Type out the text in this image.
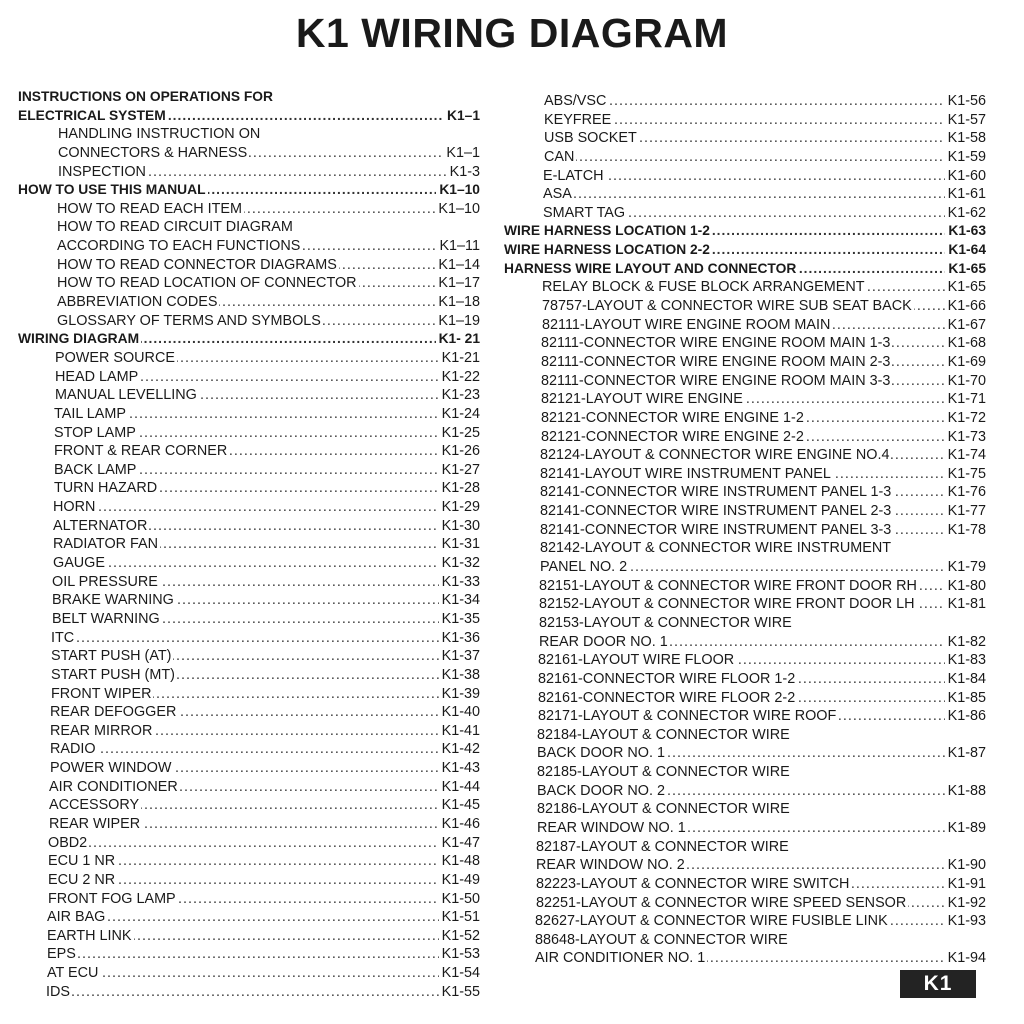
K1 WIRING DIAGRAM
INSTRUCTIONS ON OPERATIONS FOR
..... ELECTRICAL SYSTEM	K1–1
HANDLING INSTRUCTION ON
..... CONNECTORS & HARNESS	K1–1
..... INSPECTION	K1-3
..... HOW TO USE THIS MANUAL	K1–10
..... HOW TO READ EACH ITEM	K1–10
HOW TO READ CIRCUIT DIAGRAM
..... ACCORDING TO EACH FUNCTIONS	K1–11
..... HOW TO READ CONNECTOR DIAGRAMS	K1–14
..... HOW TO READ LOCATION OF CONNECTOR	K1–17
..... ABBREVIATION CODES	K1–18
..... GLOSSARY OF TERMS AND SYMBOLS	K1–19
..... WIRING DIAGRAM	K1- 21
..... POWER SOURCE	K1-21
..... HEAD LAMP	K1-22
..... MANUAL LEVELLING	K1-23
..... TAIL LAMP	K1-24
..... STOP LAMP	K1-25
..... FRONT & REAR CORNER	K1-26
..... BACK LAMP	K1-27
..... TURN HAZARD	K1-28
..... HORN	K1-29
..... ALTERNATOR	K1-30
..... RADIATOR FAN	K1-31
..... GAUGE	K1-32
..... OIL PRESSURE	K1-33
..... BRAKE WARNING	K1-34
..... BELT WARNING	K1-35
..... ITC	K1-36
..... START PUSH (AT)	K1-37
..... START PUSH (MT)	K1-38
..... FRONT WIPER	K1-39
..... REAR DEFOGGER	K1-40
..... REAR MIRROR	K1-41
..... RADIO	K1-42
..... POWER WINDOW	K1-43
..... AIR CONDITIONER	K1-44
..... ACCESSORY	K1-45
..... REAR WIPER	K1-46
..... OBD2	K1-47
..... ECU 1 NR	K1-48
..... ECU 2 NR	K1-49
..... FRONT FOG LAMP	K1-50
..... AIR BAG	K1-51
..... EARTH LINK	K1-52
..... EPS	K1-53
..... AT ECU	K1-54
..... IDS	K1-55
..... ABS/VSC	K1-56
..... KEYFREE	K1-57
..... USB SOCKET	K1-58
..... CAN	K1-59
..... E-LATCH	K1-60
..... ASA	K1-61
..... SMART TAG	K1-62
..... WIRE HARNESS LOCATION 1-2	K1-63
..... WIRE HARNESS LOCATION 2-2	K1-64
..... HARNESS WIRE LAYOUT AND CONNECTOR	K1-65
..... RELAY BLOCK & FUSE BLOCK ARRANGEMENT	K1-65
..... 78757-LAYOUT & CONNECTOR WIRE SUB SEAT BACK K1-66
..... 82111-LAYOUT WIRE ENGINE ROOM MAIN	K1-67
..... 82111-CONNECTOR WIRE ENGINE ROOM MAIN 1-3	K1-68
..... 82111-CONNECTOR WIRE ENGINE ROOM MAIN 2-3	K1-69
..... 82111-CONNECTOR WIRE ENGINE ROOM MAIN 3-3	K1-70
..... 82121-LAYOUT WIRE ENGINE	K1-71
..... 82121-CONNECTOR WIRE ENGINE 1-2	K1-72
..... 82121-CONNECTOR WIRE ENGINE 2-2	K1-73
..... 82124-LAYOUT & CONNECTOR WIRE ENGINE NO.4	K1-74
..... 82141-LAYOUT WIRE INSTRUMENT PANEL	K1-75
..... 82141-CONNECTOR WIRE INSTRUMENT PANEL 1-3	K1-76
..... 82141-CONNECTOR WIRE INSTRUMENT PANEL 2-3	K1-77
..... 82141-CONNECTOR WIRE INSTRUMENT PANEL 3-3	K1-78
82142-LAYOUT & CONNECTOR WIRE INSTRUMENT
..... PANEL NO. 2	K1-79
..... 82151-LAYOUT & CONNECTOR WIRE FRONT DOOR RH K1-80
..... 82152-LAYOUT & CONNECTOR WIRE FRONT DOOR LH K1-81
82153-LAYOUT & CONNECTOR WIRE
..... REAR DOOR NO. 1	K1-82
..... 82161-LAYOUT WIRE FLOOR	K1-83
..... 82161-CONNECTOR WIRE FLOOR 1-2	K1-84
..... 82161-CONNECTOR WIRE FLOOR 2-2	K1-85
..... 82171-LAYOUT & CONNECTOR WIRE ROOF	K1-86
82184-LAYOUT & CONNECTOR WIRE
..... BACK DOOR NO. 1	K1-87
82185-LAYOUT & CONNECTOR WIRE
..... BACK DOOR NO. 2	K1-88
82186-LAYOUT & CONNECTOR WIRE
..... REAR WINDOW NO. 1	K1-89
82187-LAYOUT & CONNECTOR WIRE
..... REAR WINDOW NO. 2	K1-90
..... 82223-LAYOUT & CONNECTOR WIRE SWITCH	K1-91
..... 82251-LAYOUT & CONNECTOR WIRE SPEED SENSOR	K1-92
..... 82627-LAYOUT & CONNECTOR WIRE FUSIBLE LINK	K1-93
88648-LAYOUT & CONNECTOR WIRE
..... AIR CONDITIONER NO. 1	K1-94
K1
